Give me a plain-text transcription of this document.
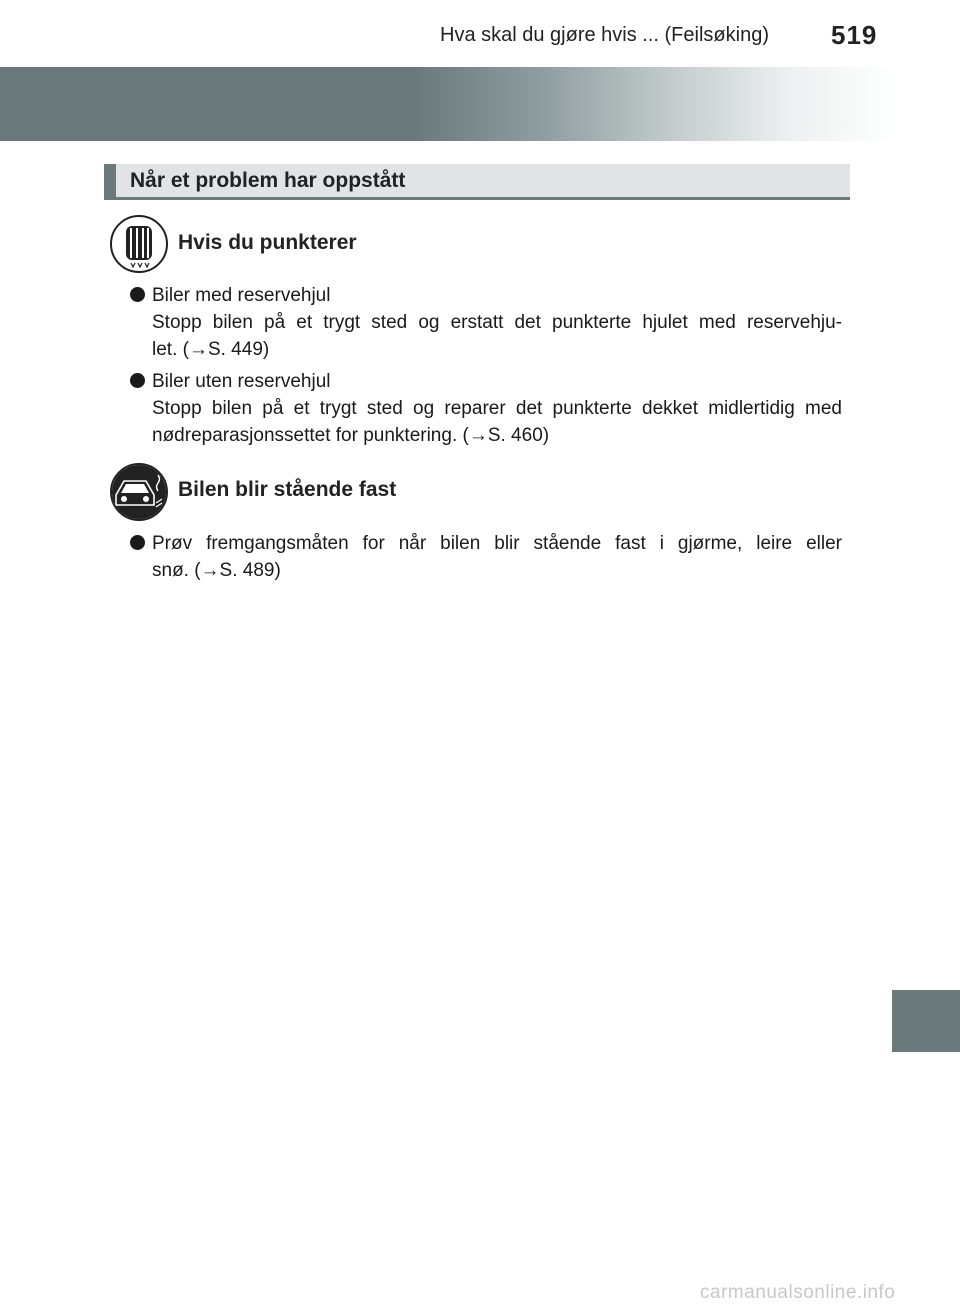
Hva skal du gjøre hvis ... (Feilsøking) 519
Når et problem har oppstått
Hvis du punkterer
Biler med reservehjul
Stopp bilen på et trygt sted og erstatt det punkterte hjulet med reservehju-
let. (→S. 449)
Biler uten reservehjul
Stopp bilen på et trygt sted og reparer det punkterte dekket midlertidig med
nødreparasjonssettet for punktering. (→S. 460)
Bilen blir stående fast
Prøv fremgangsmåten for når bilen blir stående fast i gjørme, leire eller
snø. (→S. 489)
carmanualsonline.info
